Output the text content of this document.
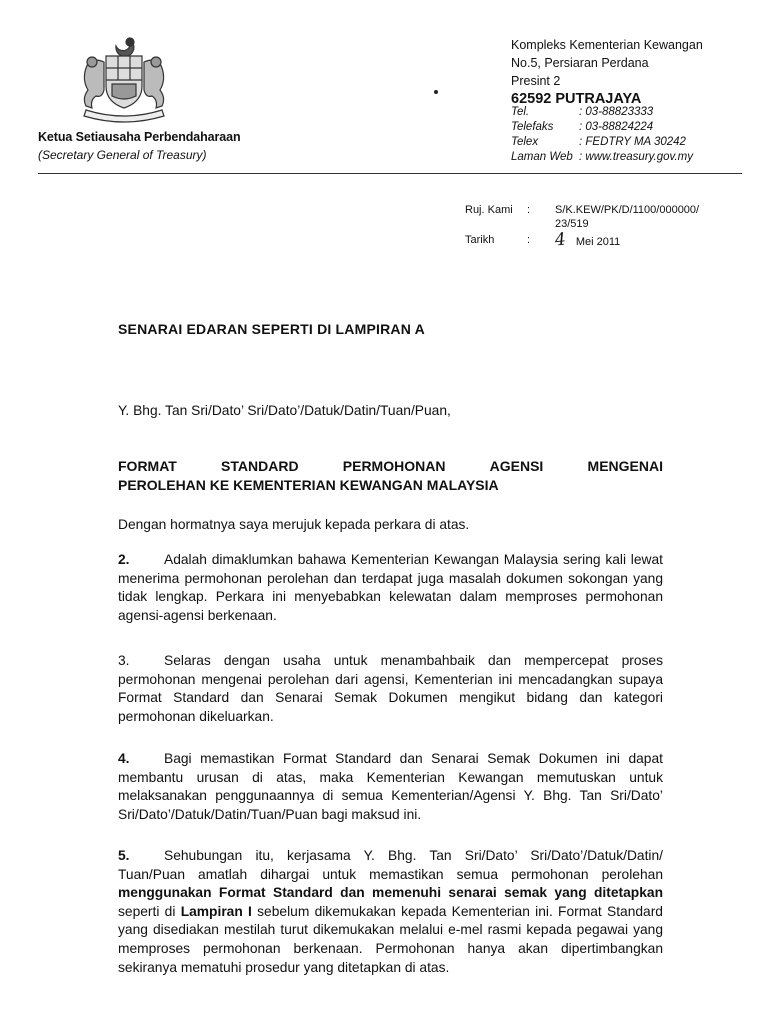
Ketua Setiausaha Perbendaharaan
(Secretary General of Treasury)
Kompleks Kementerian Kewangan
No.5, Persiaran Perdana
Presint 2
62592 PUTRAJAYA
Tel.	: 03-88823333
Telefaks	: 03-88824224
Telex	: FEDTRY MA 30242
Laman Web : www.treasury.gov.my
Ruj. Kami	:	S/K.KEW/PK/D/1100/000000/ 23/519
Tarikh	:	4 Mei 2011
SENARAI EDARAN SEPERTI DI LAMPIRAN A
Y. Bhg. Tan Sri/Dato’ Sri/Dato’/Datuk/Datin/Tuan/Puan,
FORMAT	STANDARD	PERMOHONAN	AGENSI	MENGENAI
PEROLEHAN KE KEMENTERIAN KEWANGAN MALAYSIA
Dengan hormatnya saya merujuk kepada perkara di atas.
2. Adalah dimaklumkan bahawa Kementerian Kewangan Malaysia sering kali lewat menerima permohonan perolehan dan terdapat juga masalah dokumen sokongan yang tidak lengkap. Perkara ini menyebabkan kelewatan dalam memproses permohonan agensi-agensi berkenaan.
3. Selaras dengan usaha untuk menambahbaik dan mempercepat proses permohonan mengenai perolehan dari agensi, Kementerian ini mencadangkan supaya Format Standard dan Senarai Semak Dokumen mengikut bidang dan kategori permohonan dikeluarkan.
4. Bagi memastikan Format Standard dan Senarai Semak Dokumen ini dapat membantu urusan di atas, maka Kementerian Kewangan memutuskan untuk melaksanakan penggunaannya di semua Kementerian/Agensi Y. Bhg. Tan Sri/Dato’ Sri/Dato’/Datuk/Datin/Tuan/Puan bagi maksud ini.
5. Sehubungan itu, kerjasama Y. Bhg. Tan Sri/Dato’ Sri/Dato’/Datuk/Datin/ Tuan/Puan amatlah dihargai untuk memastikan semua permohonan perolehan menggunakan Format Standard dan memenuhi senarai semak yang ditetapkan seperti di Lampiran I sebelum dikemukakan kepada Kementerian ini. Format Standard yang disediakan mestilah turut dikemukakan melalui e-mel rasmi kepada pegawai yang memproses permohonan berkenaan. Permohonan hanya akan dipertimbangkan sekiranya mematuhi prosedur yang ditetapkan di atas.
